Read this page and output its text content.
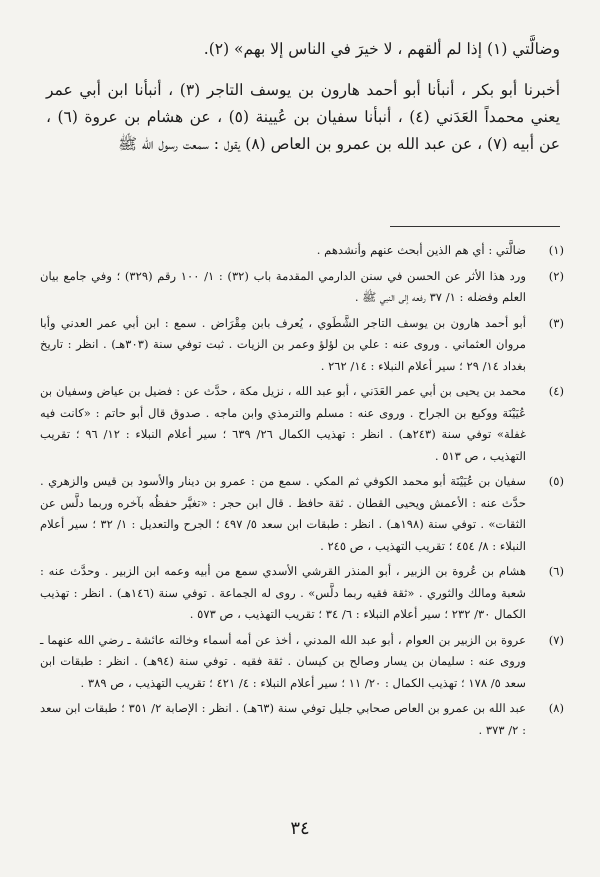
وضالَّتي (١) إذا لم ألقهم ، لا خيرَ في الناس إلا بهم» (٢).

أخبرنا أبو بكر ، أنبأنا أبو أحمد هارون بن يوسف التاجر (٣) ، أنبأنا ابن أبي عمر يعني محمداً العَدَني (٤) ، أنبأنا سفيان بن عُيينة (٥) ، عن هشام بن عروة (٦) ، عن أبيه (٧) ، عن عبد الله بن عمرو بن العاص (٨) يقول : سمعت رسول الله ﷺ

(١)
ضالَّتي : أي هم الذين أبحث عنهم وأنشدهم .
(٢)
ورد هذا الأثر عن الحسن في سنن الدارمي المقدمة باب (٣٢) : ١/ ١٠٠ رقم (٣٢٩) ؛ وفي جامع بيان العلم وفضله : ١/ ٣٧ رفعه إلى النبي ﷺ .
(٣)
أبو أحمد هارون بن يوسف التاجر الشَّطَوي ، يُعرف بابن مِقْرَاض . سمع : ابن أبي عمر العدني وأبا مروان العثماني . وروى عنه : علي بن لؤلؤ وعمر بن الزيات . ثبت توفي سنة (٣٠٣هـ) . انظر : تاريخ بغداد ١٤/ ٢٩ ؛ سير أعلام النبلاء : ١٤/ ٢٦٢ .
(٤)
محمد بن يحيى بن أبي عمر العَدَني ، أبو عبد الله ، نزيل مكة ، حدَّث عن : فضيل بن عياض وسفيان بن عُيَيْنَة ووكيع بن الجراح . وروى عنه : مسلم والترمذي وابن ماجه . صدوق قال أبو حاتم : «كانت فيه غفلة» توفي سنة (٢٤٣هـ) . انظر : تهذيب الكمال ٢٦/ ٦٣٩ ؛ سير أعلام النبلاء : ١٢/ ٩٦ ؛ تقريب التهذيب ، ص ٥١٣ .
(٥)
سفيان بن عُيَيْنَة أبو محمد الكوفي ثم المكي . سمع من : عمرو بن دينار والأسود بن قيس والزهري . حدَّث عنه : الأعمش ويحيى القطان . ثقة حافظ . قال ابن حجر : «تغيَّر حفظُه بآخره وربما دلَّس عن الثقات» . توفي سنة (١٩٨هـ) . انظر : طبقات ابن سعد ٥/ ٤٩٧ ؛ الجرح والتعديل : ١/ ٣٢ ؛ سير أعلام النبلاء : ٨/ ٤٥٤ ؛ تقريب التهذيب ، ص ٢٤٥ .
(٦)
هشام بن عُروة بن الزبير ، أبو المنذر القرشي الأسدي سمع من أبيه وعمه ابن الزبير . وحدَّث عنه : شعبة ومالك والثوري . «ثقة فقيه ربما دلَّس» . روى له الجماعة . توفي سنة (١٤٦هـ) . انظر : تهذيب الكمال ٣٠/ ٢٣٢ ؛ سير أعلام النبلاء : ٦/ ٣٤ ؛ تقريب التهذيب ، ص ٥٧٣ .
(٧)
عروة بن الزبير بن العوام ، أبو عبد الله المدني ، أخذ عن أمه أسماء وخالته عائشة ـ رضي الله عنهما ـ وروى عنه : سليمان بن يسار وصالح بن كيسان . ثقة فقيه . توفي سنة (٩٤هـ) . انظر : طبقات ابن سعد ٥/ ١٧٨ ؛ تهذيب الكمال : ٢٠/ ١١ ؛ سير أعلام النبلاء : ٤/ ٤٢١ ؛ تقريب التهذيب ، ص ٣٨٩ .
(٨)
عبد الله بن عمرو بن العاص صحابي جليل توفي سنة (٦٣هـ) . انظر : الإصابة ٢/ ٣٥١ ؛ طبقات ابن سعد : ٢/ ٣٧٣ .
٣٤
